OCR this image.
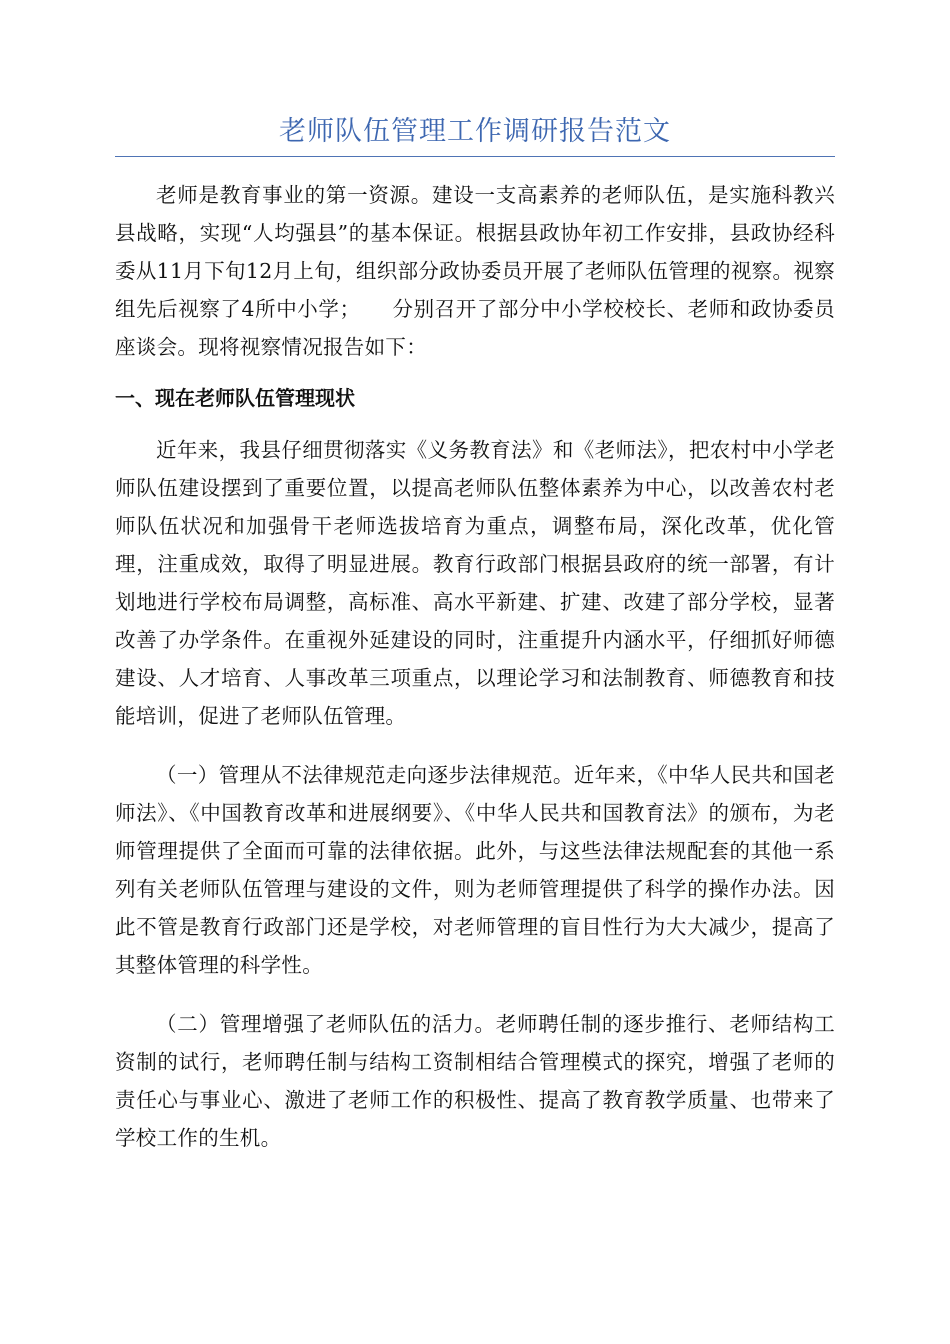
老师队伍管理工作调研报告范文

老师是教育事业的第一资源。建设一支高素养的老师队伍，是实施科教兴县战略，实现“人均强县”的基本保证。根据县政协年初工作安排，县政协经科委从11月下旬12月上旬，组织部分政协委员开展了老师队伍管理的视察。视察组先后视察了4所中小学；　　分别召开了部分中小学校校长、老师和政协委员座谈会。现将视察情况报告如下：

一、现在老师队伍管理现状

近年来，我县仔细贯彻落实《义务教育法》和《老师法》，把农村中小学老师队伍建设摆到了重要位置，以提高老师队伍整体素养为中心，以改善农村老师队伍状况和加强骨干老师选拔培育为重点，调整布局，深化改革，优化管理，注重成效，取得了明显进展。教育行政部门根据县政府的统一部署，有计划地进行学校布局调整，高标准、高水平新建、扩建、改建了部分学校，显著改善了办学条件。在重视外延建设的同时，注重提升内涵水平，仔细抓好师德建设、人才培育、人事改革三项重点，以理论学习和法制教育、师德教育和技能培训，促进了老师队伍管理。

（一）管理从不法律规范走向逐步法律规范。近年来，《中华人民共和国老师法》、《中国教育改革和进展纲要》、《中华人民共和国教育法》的颁布，为老师管理提供了全面而可靠的法律依据。此外，与这些法律法规配套的其他一系列有关老师队伍管理与建设的文件，则为老师管理提供了科学的操作办法。因此不管是教育行政部门还是学校，对老师管理的盲目性行为大大减少，提高了其整体管理的科学性。

（二）管理增强了老师队伍的活力。老师聘任制的逐步推行、老师结构工资制的试行，老师聘任制与结构工资制相结合管理模式的探究，增强了老师的责任心与事业心、激进了老师工作的积极性、提高了教育教学质量、也带来了学校工作的生机。
